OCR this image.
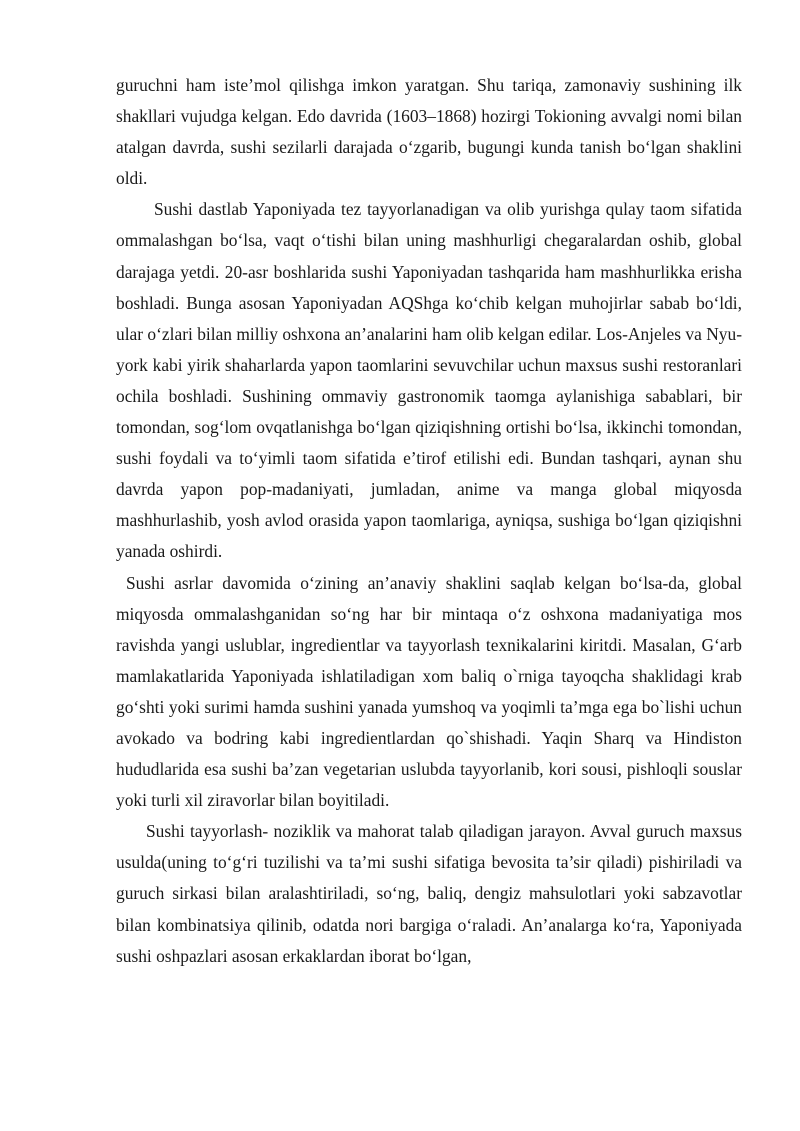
guruchni ham iste’mol qilishga imkon yaratgan. Shu tariqa, zamonaviy sushining ilk shakllari vujudga kelgan. Edo davrida (1603–1868) hozirgi Tokioning avvalgi nomi bilan atalgan davrda, sushi sezilarli darajada o‘zgarib, bugungi kunda tanish bo‘lgan shaklini oldi.

Sushi dastlab Yaponiyada tez tayyorlanadigan va olib yurishga qulay taom sifatida ommalashgan bo‘lsa, vaqt o‘tishi bilan uning mashhurligi chegaralardan oshib, global darajaga yetdi. 20-asr boshlarida sushi Yaponiyadan tashqarida ham mashhurlikka erisha boshladi. Bunga asosan Yaponiyadan AQShga ko‘chib kelgan muhojirlar sabab bo‘ldi, ular o‘zlari bilan milliy oshxona an’analarini ham olib kelgan edilar. Los-Anjeles va Nyu-york kabi yirik shaharlarda yapon taomlarini sevuvchilar uchun maxsus sushi restoranlari ochila boshladi. Sushining ommaviy gastronomik taomga aylanishiga sabablari, bir tomondan, sog‘lom ovqatlanishga bo‘lgan qiziqishning ortishi bo‘lsa, ikkinchi tomondan, sushi foydali va to‘yimli taom sifatida e’tirof etilishi edi. Bundan tashqari, aynan shu davrda yapon pop-madaniyati, jumladan, anime va manga global miqyosda mashhurlashib, yosh avlod orasida yapon taomlariga, ayniqsa, sushiga bo‘lgan qiziqishni yanada oshirdi.

Sushi asrlar davomida o‘zining an’anaviy shaklini saqlab kelgan bo‘lsa-da, global miqyosda ommalashganidan so‘ng har bir mintaqa o‘z oshxona madaniyatiga mos ravishda yangi uslublar, ingredientlar va tayyorlash texnikalarini kiritdi. Masalan, G‘arb mamlakatlarida Yaponiyada ishlatiladigan xom baliq o`rniga tayoqcha shaklidagi krab go‘shti yoki surimi hamda sushini yanada yumshoq va yoqimli ta’mga ega bo`lishi uchun avokado va bodring kabi ingredientlardan qo`shishadi. Yaqin Sharq va Hindiston hududlarida esa sushi ba’zan vegetarian uslubda tayyorlanib, kori sousi, pishloqli souslar yoki turli xil ziravorlar bilan boyitiladi.

Sushi tayyorlash- noziklik va mahorat talab qiladigan jarayon. Avval guruch maxsus usulda(uning to‘g‘ri tuzilishi va ta’mi sushi sifatiga bevosita ta’sir qiladi) pishiriladi va guruch sirkasi bilan aralashtiriladi, so‘ng, baliq, dengiz mahsulotlari yoki sabzavotlar bilan kombinatsiya qilinib, odatda nori bargiga o‘raladi. An’analarga ko‘ra, Yaponiyada sushi oshpazlari asosan erkaklardan iborat bo‘lgan,
